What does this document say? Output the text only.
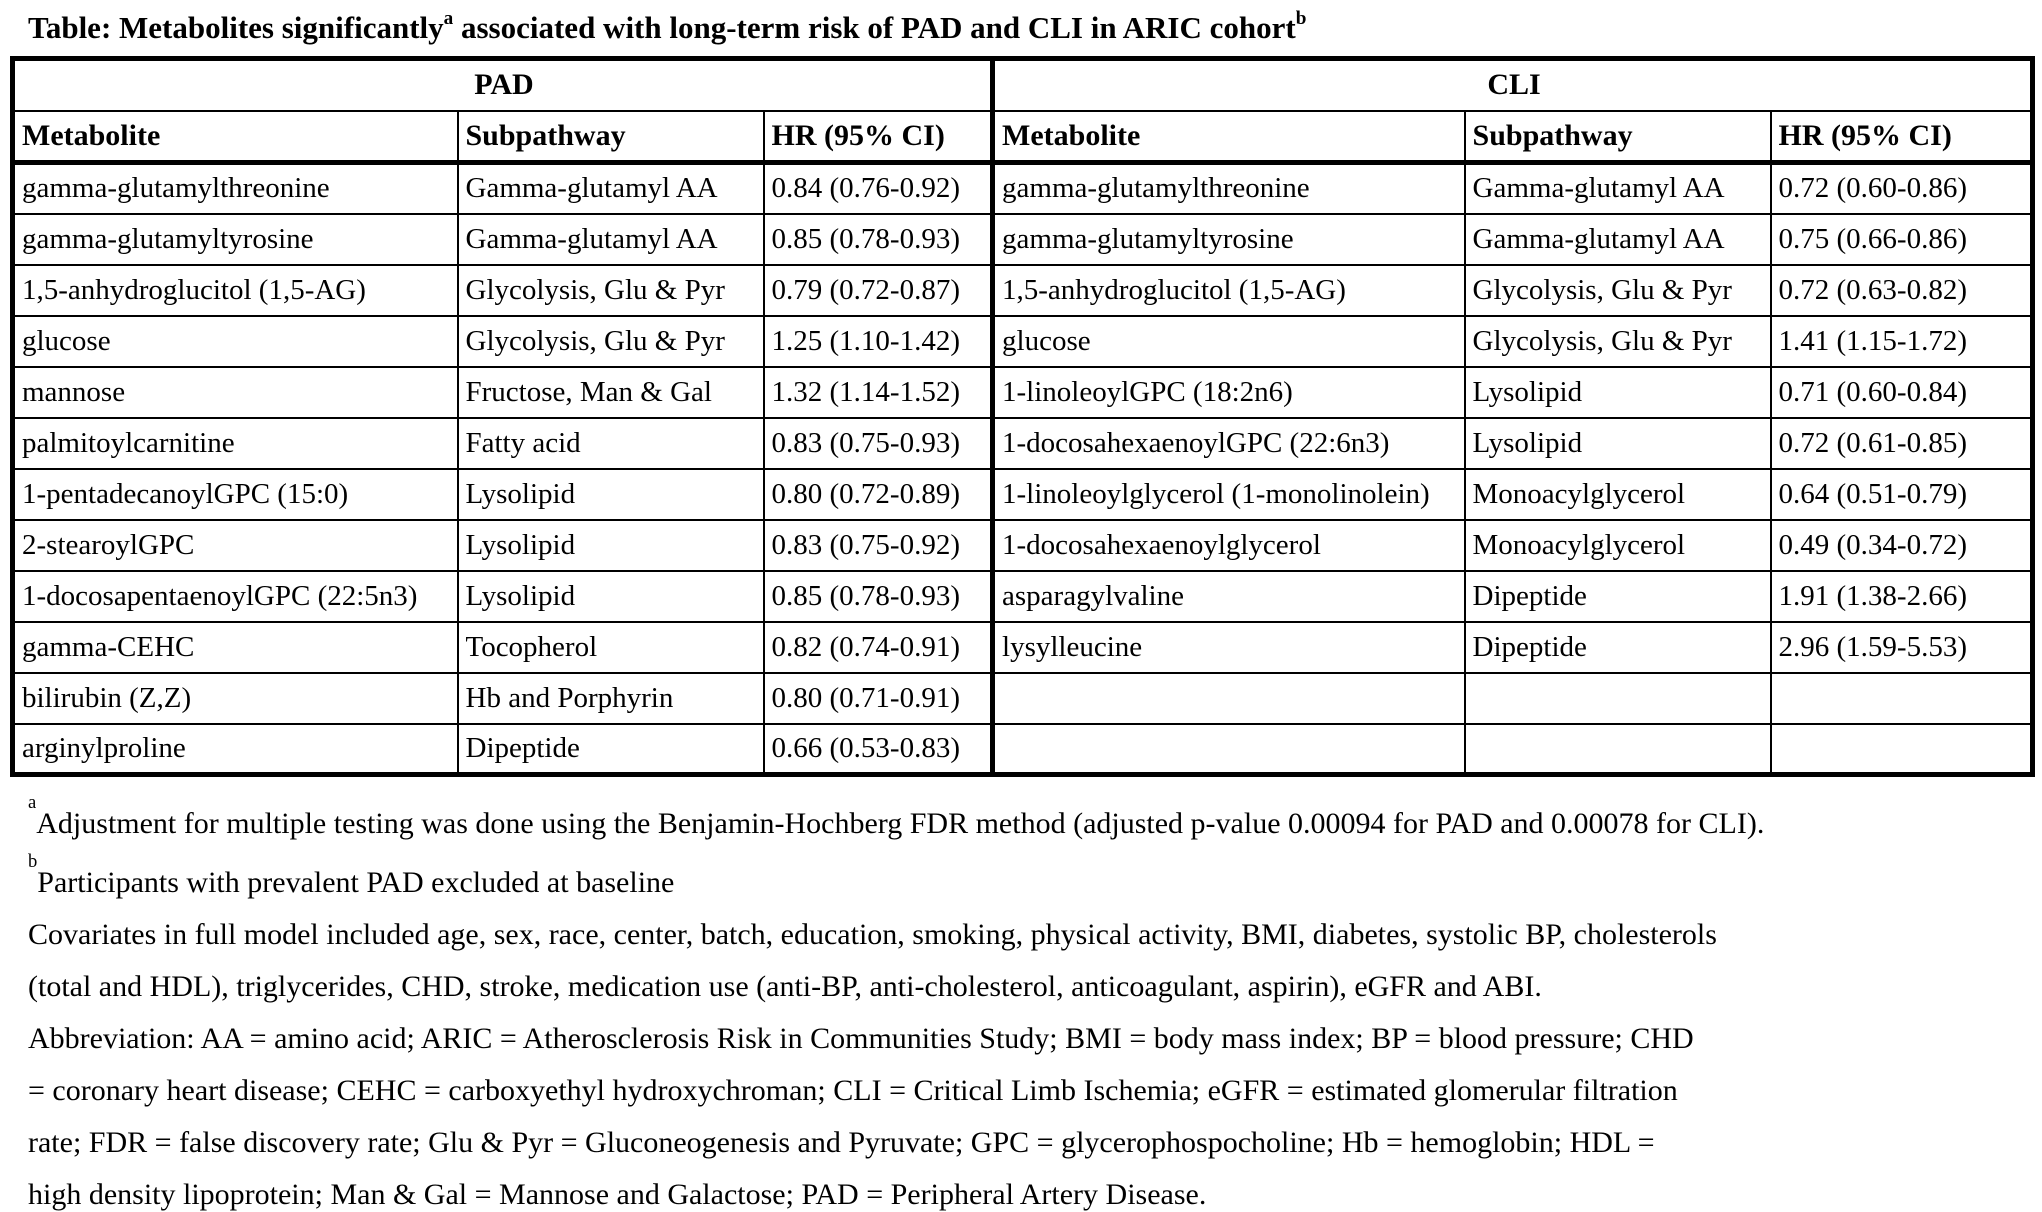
Table: Metabolites significantly$^a$ associated with long-term risk of PAD and CLI in ARIC cohort$^b$
PAD			CLI		
Metabolite	Subpathway	HR (95% CI)	Metabolite	Subpathway	HR (95% CI)
gamma-glutamylthreonine	Gamma-glutamyl AA	0.84 (0.76-0.92)	gamma-glutamylthreonine	Gamma-glutamyl AA	0.72 (0.60-0.86)
gamma-glutamyltyrosine	Gamma-glutamyl AA	0.85 (0.78-0.93)	gamma-glutamyltyrosine	Gamma-glutamyl AA	0.75 (0.66-0.86)
1,5-anhydroglucitol (1,5-AG)	Glycolysis, Glu & Pyr	0.79 (0.72-0.87)	1,5-anhydroglucitol (1,5-AG)	Glycolysis, Glu & Pyr	0.72 (0.63-0.82)
glucose	Glycolysis, Glu & Pyr	1.25 (1.10-1.42)	glucose	Glycolysis, Glu & Pyr	1.41 (1.15-1.72)
mannose	Fructose, Man & Gal	1.32 (1.14-1.52)	1-linoleoylGPC (18:2n6)	Lysolipid	0.71 (0.60-0.84)
palmitoylcarnitine	Fatty acid	0.83 (0.75-0.93)	1-docosahexaenoylGPC (22:6n3)	Lysolipid	0.72 (0.61-0.85)
1-pentadecanoylGPC (15:0)	Lysolipid	0.80 (0.72-0.89)	1-linoleoylglycerol (1-monolinolein)	Monoacylglycerol	0.64 (0.51-0.79)
2-stearoylGPC	Lysolipid	0.83 (0.75-0.92)	1-docosahexaenoylglycerol	Monoacylglycerol	0.49 (0.34-0.72)
1-docosapentaenoylGPC (22:5n3)	Lysolipid	0.85 (0.78-0.93)	asparagylvaline	Dipeptide	1.91 (1.38-2.66)
gamma-CEHC	Tocopherol	0.82 (0.74-0.91)	lysylleucine	Dipeptide	2.96 (1.59-5.53)
bilirubin (Z,Z)	Hb and Porphyrin	0.80 (0.71-0.91)			
arginylproline	Dipeptide	0.66 (0.53-0.83)			
$^a$Adjustment for multiple testing was done using the Benjamin-Hochberg FDR method (adjusted p-value 0.00094 for PAD and 0.00078 for CLI).
$^b$Participants with prevalent PAD excluded at baseline
Covariates in full model included age, sex, race, center, batch, education, smoking, physical activity, BMI, diabetes, systolic BP, cholesterols
(total and HDL), triglycerides, CHD, stroke, medication use (anti-BP, anti-cholesterol, anticoagulant, aspirin), eGFR and ABI.
Abbreviation: AA = amino acid; ARIC = Atherosclerosis Risk in Communities Study; BMI = body mass index; BP = blood pressure; CHD
= coronary heart disease; CEHC = carboxyethyl hydroxychroman; CLI = Critical Limb Ischemia; eGFR = estimated glomerular filtration
rate; FDR = false discovery rate; Glu & Pyr = Gluconeogenesis and Pyruvate; GPC = glycerophospocholine; Hb = hemoglobin; HDL =
high density lipoprotein; Man & Gal = Mannose and Galactose; PAD = Peripheral Artery Disease.
